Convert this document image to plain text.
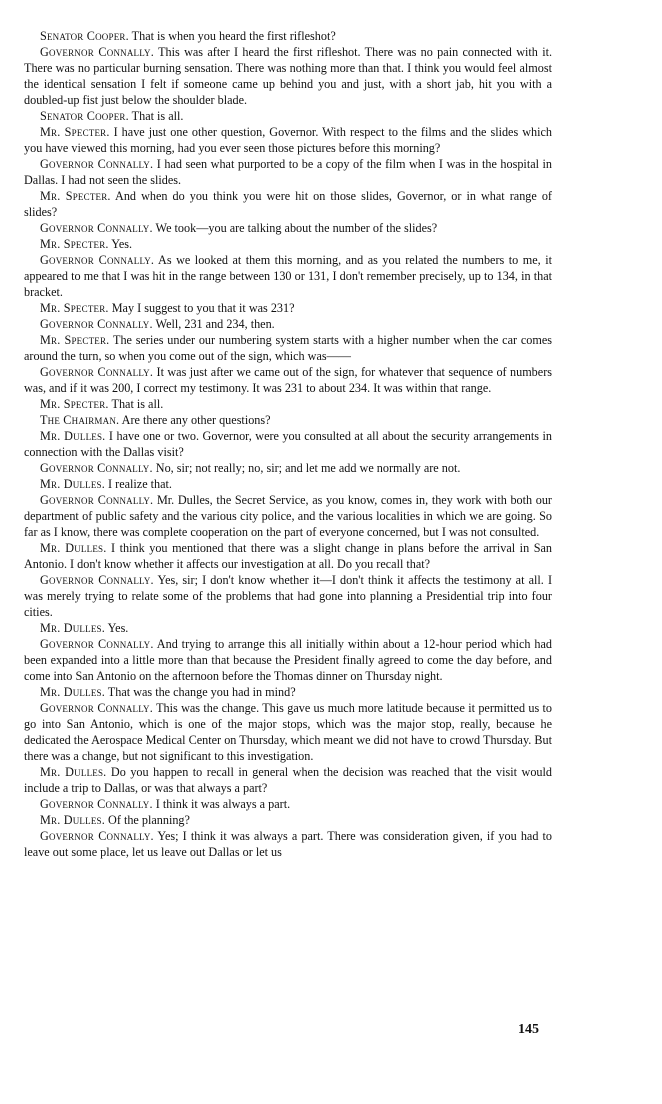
Senator Cooper. That is when you heard the first rifleshot?

Governor Connally. This was after I heard the first rifleshot. There was no pain connected with it. There was no particular burning sensation. There was nothing more than that. I think you would feel almost the identical sensation I felt if someone came up behind you and just, with a short jab, hit you with a doubled-up fist just below the shoulder blade.

Senator Cooper. That is all.

Mr. Specter. I have just one other question, Governor. With respect to the films and the slides which you have viewed this morning, had you ever seen those pictures before this morning?

Governor Connally. I had seen what purported to be a copy of the film when I was in the hospital in Dallas. I had not seen the slides.

Mr. Specter. And when do you think you were hit on those slides, Governor, or in what range of slides?

Governor Connally. We took—you are talking about the number of the slides?

Mr. Specter. Yes.

Governor Connally. As we looked at them this morning, and as you related the numbers to me, it appeared to me that I was hit in the range between 130 or 131, I don't remember precisely, up to 134, in that bracket.

Mr. Specter. May I suggest to you that it was 231?

Governor Connally. Well, 231 and 234, then.

Mr. Specter. The series under our numbering system starts with a higher number when the car comes around the turn, so when you come out of the sign, which was——

Governor Connally. It was just after we came out of the sign, for whatever that sequence of numbers was, and if it was 200, I correct my testimony. It was 231 to about 234. It was within that range.

Mr. Specter. That is all.

The Chairman. Are there any other questions?

Mr. Dulles. I have one or two. Governor, were you consulted at all about the security arrangements in connection with the Dallas visit?

Governor Connally. No, sir; not really; no, sir; and let me add we normally are not.

Mr. Dulles. I realize that.

Governor Connally. Mr. Dulles, the Secret Service, as you know, comes in, they work with both our department of public safety and the various city police, and the various localities in which we are going. So far as I know, there was complete cooperation on the part of everyone concerned, but I was not consulted.

Mr. Dulles. I think you mentioned that there was a slight change in plans before the arrival in San Antonio. I don't know whether it affects our investigation at all. Do you recall that?

Governor Connally. Yes, sir; I don't know whether it—I don't think it affects the testimony at all. I was merely trying to relate some of the problems that had gone into planning a Presidential trip into four cities.

Mr. Dulles. Yes.

Governor Connally. And trying to arrange this all initially within about a 12-hour period which had been expanded into a little more than that because the President finally agreed to come the day before, and come into San Antonio on the afternoon before the Thomas dinner on Thursday night.

Mr. Dulles. That was the change you had in mind?

Governor Connally. This was the change. This gave us much more latitude because it permitted us to go into San Antonio, which is one of the major stops, which was the major stop, really, because he dedicated the Aerospace Medical Center on Thursday, which meant we did not have to crowd Thursday. But there was a change, but not significant to this investigation.

Mr. Dulles. Do you happen to recall in general when the decision was reached that the visit would include a trip to Dallas, or was that always a part?

Governor Connally. I think it was always a part.

Mr. Dulles. Of the planning?

Governor Connally. Yes; I think it was always a part. There was consideration given, if you had to leave out some place, let us leave out Dallas or let us

145
